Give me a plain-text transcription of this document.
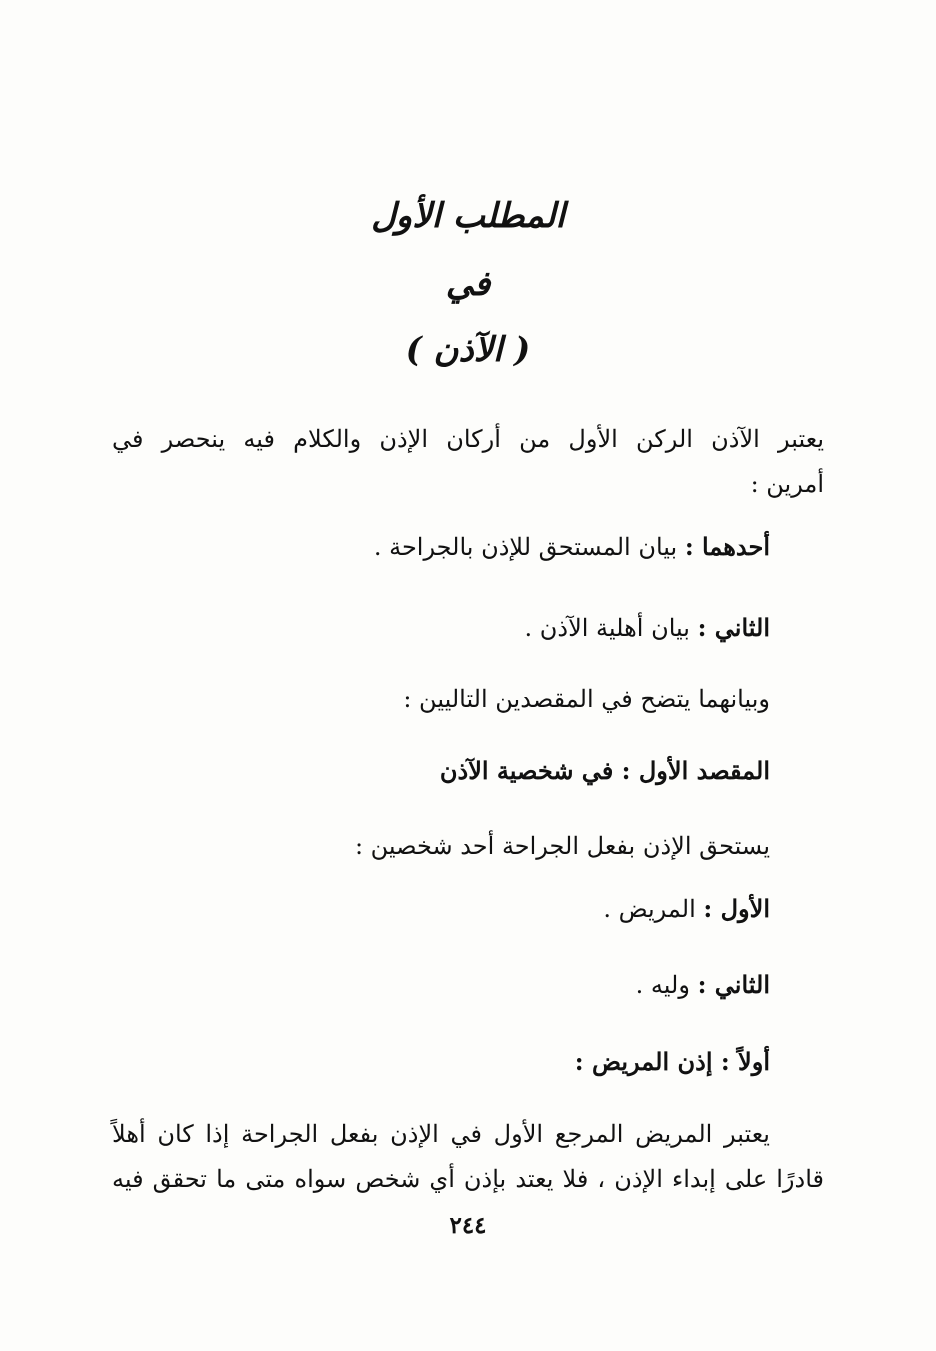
المطلب الأول
في
( الآذن )
يعتبر الآذن الركن الأول من أركان الإذن والكلام فيه ينحصر في
أمرين :
أحدهما : بيان المستحق للإذن بالجراحة .
الثاني : بيان أهلية الآذن .
وبيانهما يتضح في المقصدين التاليين :
المقصد الأول : في شخصية الآذن
يستحق الإذن بفعل الجراحة أحد شخصين :
الأول : المريض .
الثاني : وليه .
أولاً : إذن المريض :
يعتبر المريض المرجع الأول في الإذن بفعل الجراحة إذا كان أهلاً
قادرًا على إبداء الإذن ، فلا يعتد بإذن أي شخص سواه متى ما تحقق فيه
٢٤٤
